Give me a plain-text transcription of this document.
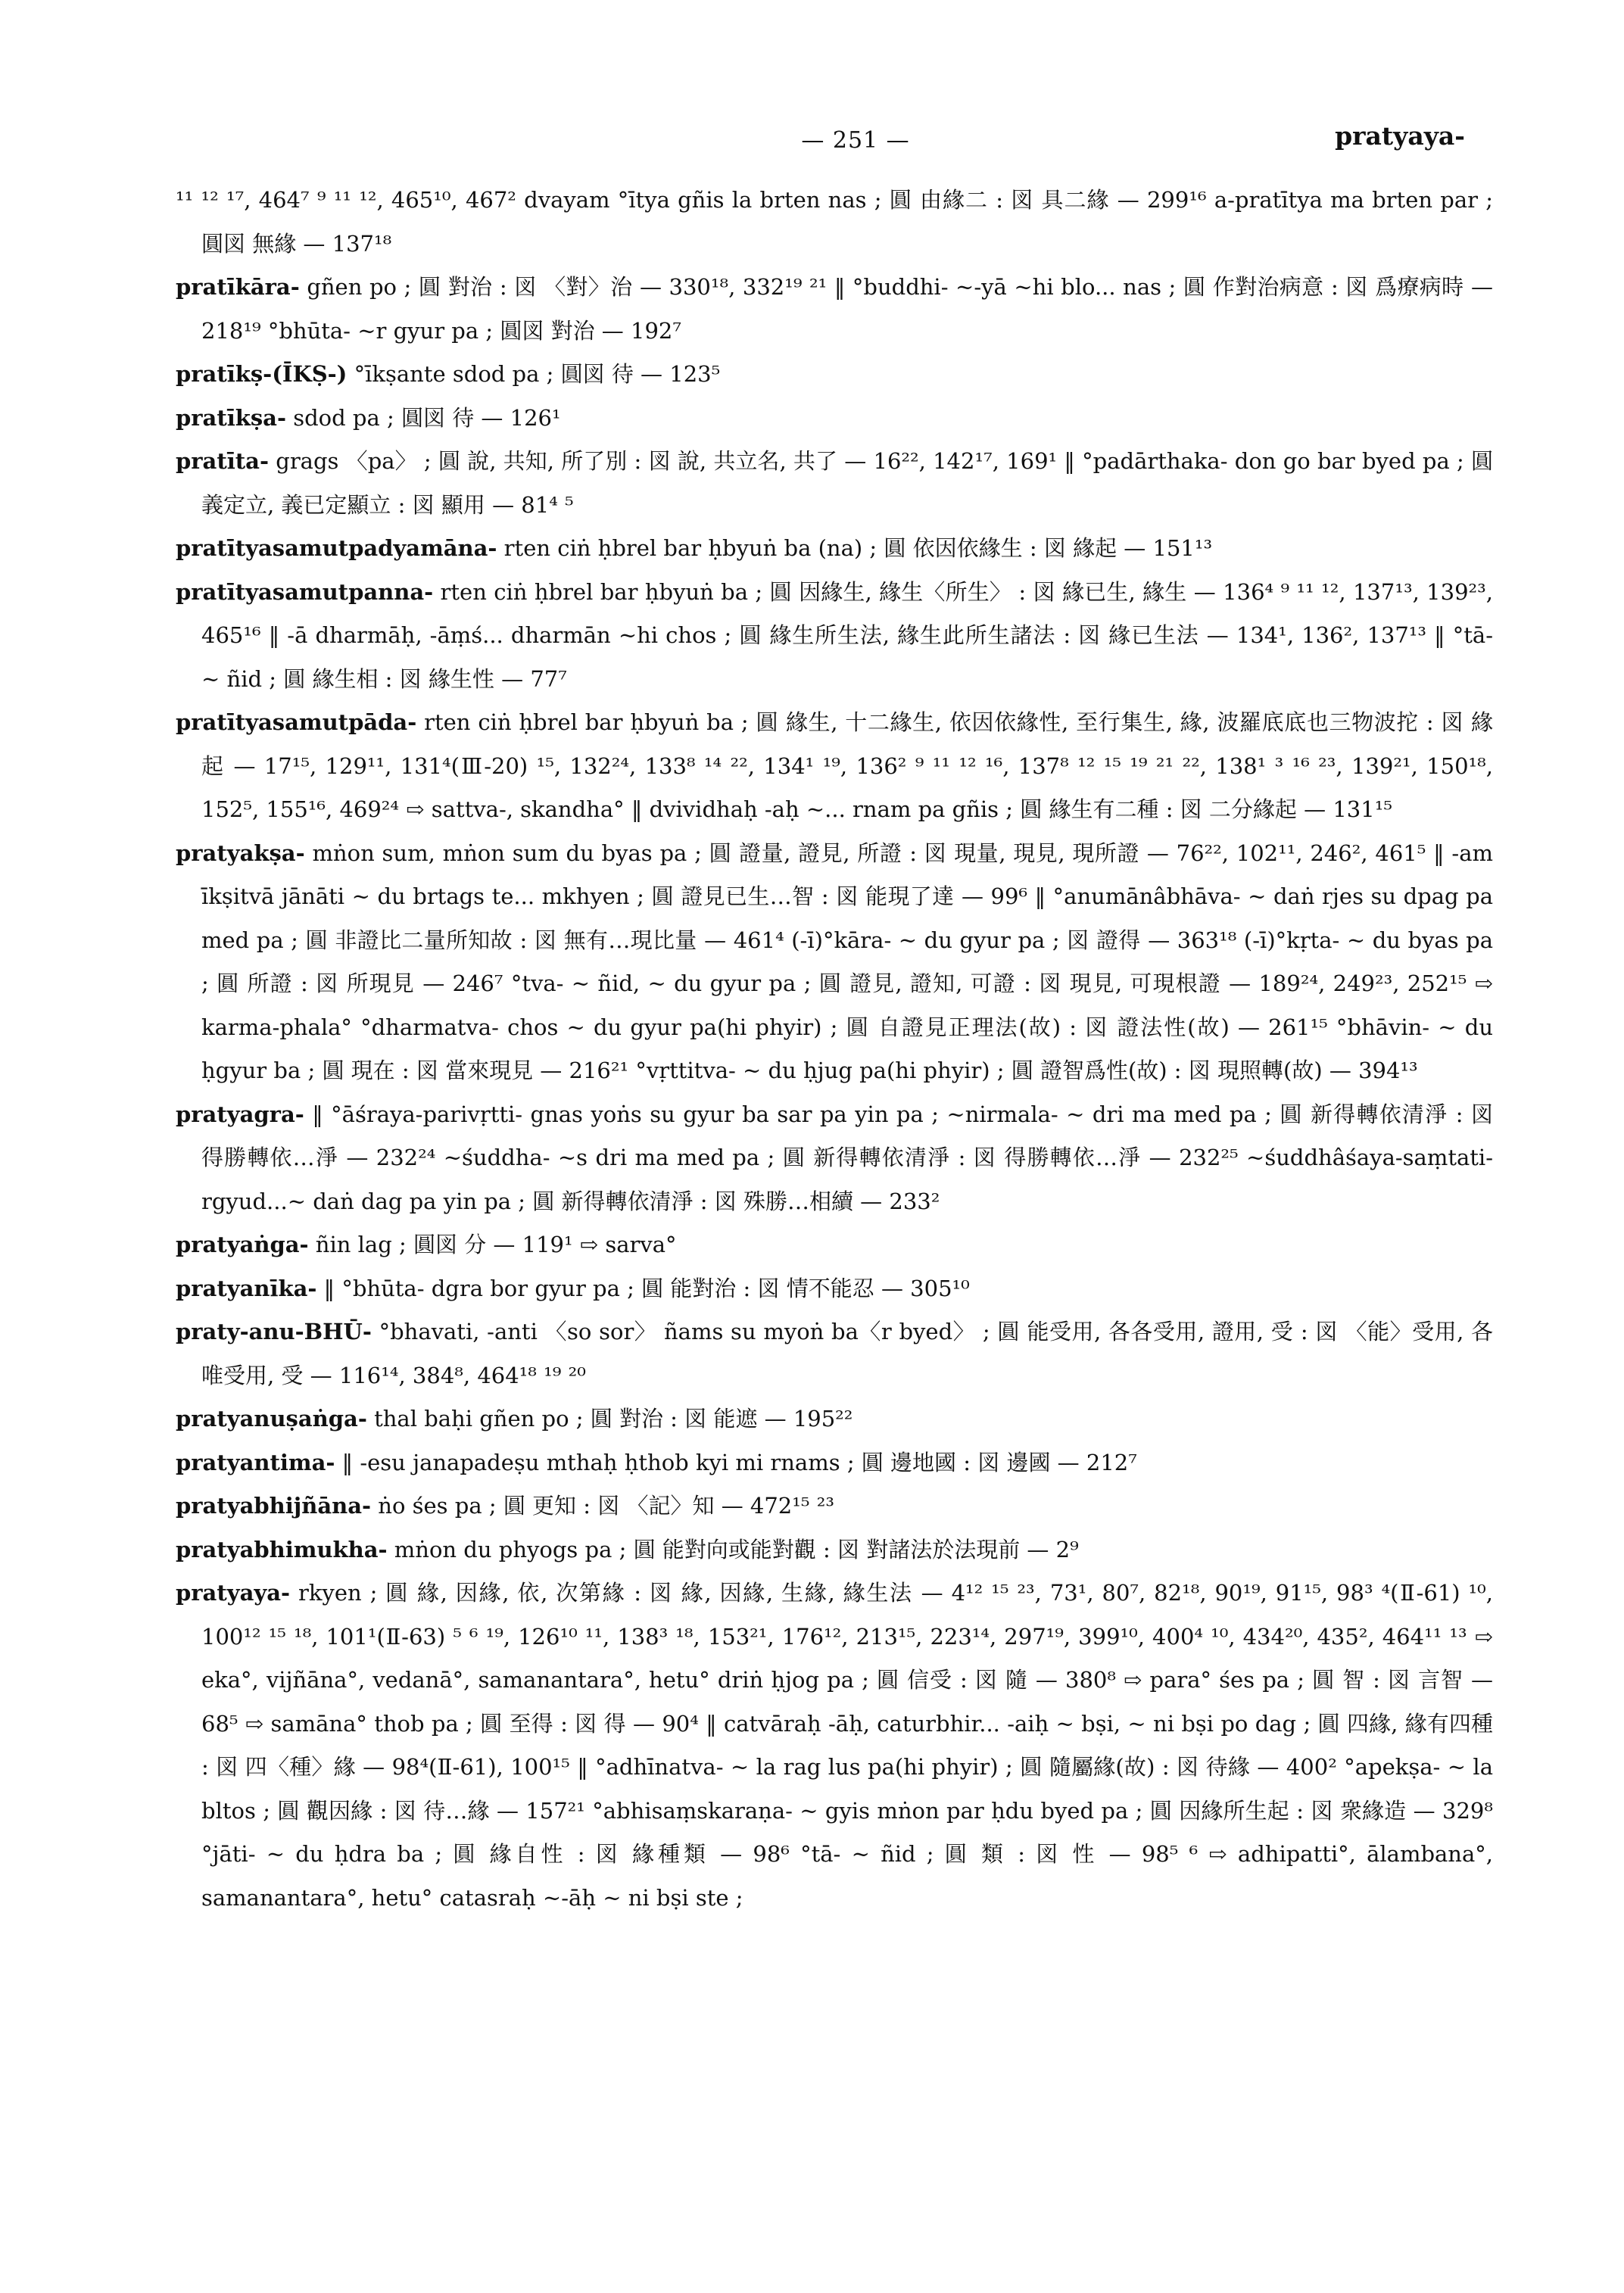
— 251 —	pratyaya-

¹¹ ¹² ¹⁷, 464⁷ ⁹ ¹¹ ¹², 465¹⁰, 467² dvayam °ītya gñis la brten nas ; 圓 由緣二 : 図 具二緣 — 299¹⁶ a-pratītya ma brten par ; 圓図 無緣 — 137¹⁸

pratīkāra- gñen po ; 圓 對治 : 図 〈對〉治 — 330¹⁸, 332¹⁹ ²¹ ‖ °buddhi- ~-yā ~hi blo... nas ; 圓 作對治病意 : 図 爲療病時 — 218¹⁹ °bhūta- ~r gyur pa ; 圓図 對治 — 192⁷

pratīkṣ-(ĪKṢ-) °īkṣante sdod pa ; 圓図 待 — 123⁵

pratīkṣa- sdod pa ; 圓図 待 — 126¹

pratīta- grags 〈pa〉 ; 圓 說, 共知, 所了別 : 図 說, 共立名, 共了 — 16²², 142¹⁷, 169¹ ‖ °padārthaka- don go bar byed pa ; 圓 義定立, 義已定顯立 : 図 顯用 — 81⁴ ⁵

pratītyasamutpadyamāna- rten ciṅ ḥbrel bar ḥbyuṅ ba (na) ; 圓 依因依緣生 : 図 緣起 — 151¹³

pratītyasamutpanna- rten ciṅ ḥbrel bar ḥbyuṅ ba ; 圓 因緣生, 緣生〈所生〉 : 図 緣已生, 緣生 — 136⁴ ⁹ ¹¹ ¹², 137¹³, 139²³, 465¹⁶ ‖ -ā dharmāḥ, -āṃś... dharmān ~hi chos ; 圓 緣生所生法, 緣生此所生諸法 : 図 緣已生法 — 134¹, 136², 137¹³ ‖ °tā- ~ ñid ; 圓 緣生相 : 図 緣生性 — 77⁷

pratītyasamutpāda- rten ciṅ ḥbrel bar ḥbyuṅ ba ; 圓 緣生, 十二緣生, 依因依緣性, 至行集生, 緣, 波羅底底也三物波拕 : 図 緣起 — 17¹⁵, 129¹¹, 131⁴(Ⅲ-20) ¹⁵, 132²⁴, 133⁸ ¹⁴ ²², 134¹ ¹⁹, 136² ⁹ ¹¹ ¹² ¹⁶, 137⁸ ¹² ¹⁵ ¹⁹ ²¹ ²², 138¹ ³ ¹⁶ ²³, 139²¹, 150¹⁸, 152⁵, 155¹⁶, 469²⁴ ⇨ sattva-, skandha° ‖ dvividhaḥ -aḥ ~... rnam pa gñis ; 圓 緣生有二種 : 図 二分緣起 — 131¹⁵

pratyakṣa- mṅon sum, mṅon sum du byas pa ; 圓 證量, 證見, 所證 : 図 現量, 現見, 現所證 — 76²², 102¹¹, 246², 461⁵ ‖ -am īkṣitvā jānāti ~ du brtags te... mkhyen ; 圓 證見已生…智 : 図 能現了達 — 99⁶ ‖ °anumānâbhāva- ~ daṅ rjes su dpag pa med pa ; 圓 非證比二量所知故 : 図 無有…現比量 — 461⁴ (-ī)°kāra- ~ du gyur pa ; 図 證得 — 363¹⁸ (-ī)°kṛta- ~ du byas pa ; 圓 所證 : 図 所現見 — 246⁷ °tva- ~ ñid, ~ du gyur pa ; 圓 證見, 證知, 可證 : 図 現見, 可現根證 — 189²⁴, 249²³, 252¹⁵ ⇨ karma-phala° °dharmatva- chos ~ du gyur pa(hi phyir) ; 圓 自證見正理法(故) : 図 證法性(故) — 261¹⁵ °bhāvin- ~ du ḥgyur ba ; 圓 現在 : 図 當來現見 — 216²¹ °vṛttitva- ~ du ḥjug pa(hi phyir) ; 圓 證智爲性(故) : 図 現照轉(故) — 394¹³

pratyagra- ‖ °āśraya-parivṛtti- gnas yoṅs su gyur ba sar pa yin pa ; ~nirmala- ~ dri ma med pa ; 圓 新得轉依清淨 : 図 得勝轉依…淨 — 232²⁴ ~śuddha- ~s dri ma med pa ; 圓 新得轉依清淨 : 図 得勝轉依…淨 — 232²⁵ ~śuddhâśaya-saṃtati- rgyud...~ daṅ dag pa yin pa ; 圓 新得轉依清淨 : 図 殊勝…相續 — 233²

pratyaṅga- ñin lag ; 圓図 分 — 119¹ ⇨ sarva°

pratyanīka- ‖ °bhūta- dgra bor gyur pa ; 圓 能對治 : 図 情不能忍 — 305¹⁰

praty-anu-BHŪ- °bhavati, -anti 〈so sor〉 ñams su myoṅ ba〈r byed〉 ; 圓 能受用, 各各受用, 證用, 受 : 図 〈能〉受用, 各唯受用, 受 — 116¹⁴, 384⁸, 464¹⁸ ¹⁹ ²⁰

pratyanuṣaṅga- thal baḥi gñen po ; 圓 對治 : 図 能遮 — 195²²

pratyantima- ‖ -esu janapadeṣu mthaḥ ḥthob kyi mi rnams ; 圓 邊地國 : 図 邊國 — 212⁷

pratyabhijñāna- ṅo śes pa ; 圓 更知 : 図 〈記〉知 — 472¹⁵ ²³

pratyabhimukha- mṅon du phyogs pa ; 圓 能對向或能對觀 : 図 對諸法於法現前 — 2⁹

pratyaya- rkyen ; 圓 緣, 因緣, 依, 次第緣 : 図 緣, 因緣, 生緣, 緣生法 — 4¹² ¹⁵ ²³, 73¹, 80⁷, 82¹⁸, 90¹⁹, 91¹⁵, 98³ ⁴(Ⅱ-61) ¹⁰, 100¹² ¹⁵ ¹⁸, 101¹(Ⅱ-63) ⁵ ⁶ ¹⁹, 126¹⁰ ¹¹, 138³ ¹⁸, 153²¹, 176¹², 213¹⁵, 223¹⁴, 297¹⁹, 399¹⁰, 400⁴ ¹⁰, 434²⁰, 435², 464¹¹ ¹³ ⇨ eka°, vijñāna°, vedanā°, samanantara°, hetu° driṅ ḥjog pa ; 圓 信受 : 図 隨 — 380⁸ ⇨ para° śes pa ; 圓 智 : 図 言智 — 68⁵ ⇨ samāna° thob pa ; 圓 至得 : 図 得 — 90⁴ ‖ catvāraḥ -āḥ, caturbhir... -aiḥ ~ bṣi, ~ ni bṣi po dag ; 圓 四緣, 緣有四種 : 図 四〈種〉緣 — 98⁴(Ⅱ-61), 100¹⁵ ‖ °adhīnatva- ~ la rag lus pa(hi phyir) ; 圓 隨屬緣(故) : 図 待緣 — 400² °apekṣa- ~ la bltos ; 圓 觀因緣 : 図 待…緣 — 157²¹ °abhisaṃskaraṇa- ~ gyis mṅon par ḥdu byed pa ; 圓 因緣所生起 : 図 衆緣造 — 329⁸ °jāti- ~ du ḥdra ba ; 圓 緣自性 : 図 緣種類 — 98⁶ °tā- ~ ñid ; 圓 類 : 図 性 — 98⁵ ⁶ ⇨ adhipatti°, ālambana°, samanantara°, hetu° catasraḥ ~-āḥ ~ ni bṣi ste ;
